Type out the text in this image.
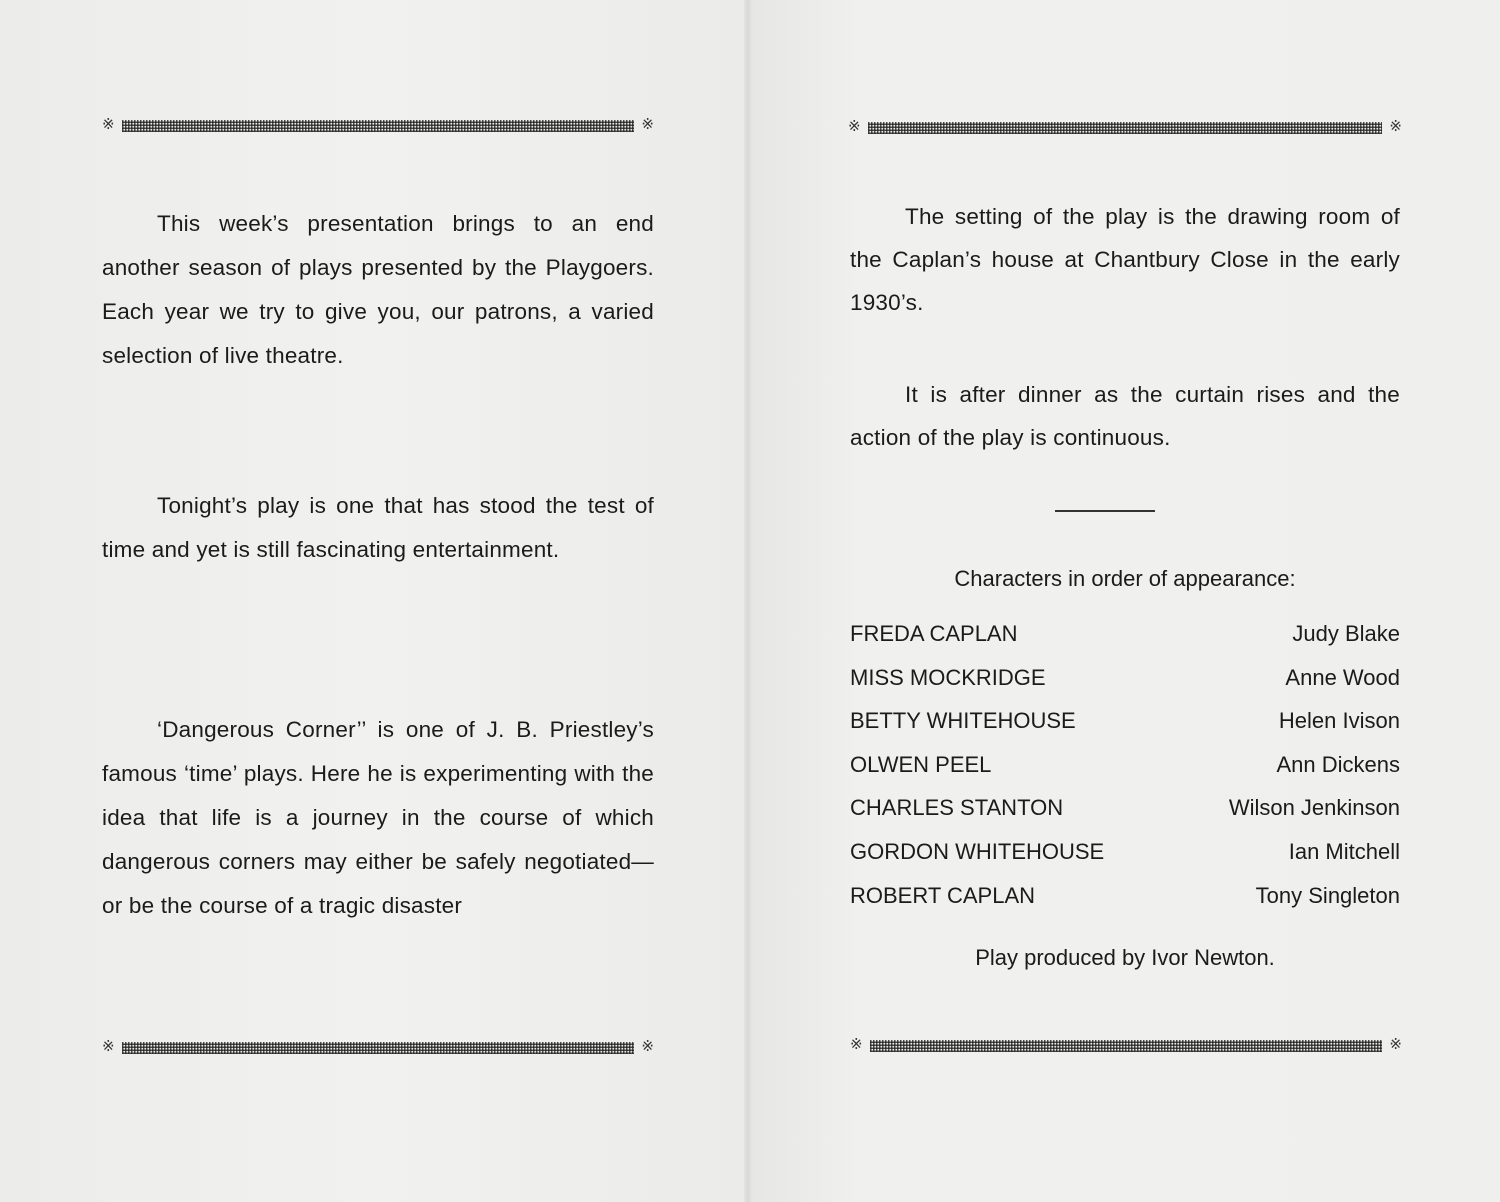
※	※
※	※
※	※
※	※

This week’s presentation brings to an end another season of plays presented by the Playgoers. Each year we try to give you, our patrons, a varied selection of live theatre.

Tonight’s play is one that has stood the test of time and yet is still fascinating entertainment.

‘Dangerous Corner’’ is one of J. B. Priestley’s famous ‘time’ plays. Here he is experimenting with the idea that life is a journey in the course of which dangerous corners may either be safely negotiated—or be the course of a tragic disaster

The setting of the play is the drawing room of the Caplan’s house at Chantbury Close in the early 1930’s.

It is after dinner as the curtain rises and the action of the play is continuous.

Characters in order of appearance:
FREDA CAPLAN	Judy Blake
MISS MOCKRIDGE	Anne Wood
BETTY WHITEHOUSE	Helen Ivison
OLWEN PEEL	Ann Dickens
CHARLES STANTON	Wilson Jenkinson
GORDON WHITEHOUSE	Ian Mitchell
ROBERT CAPLAN	Tony Singleton
Play produced by Ivor Newton.
